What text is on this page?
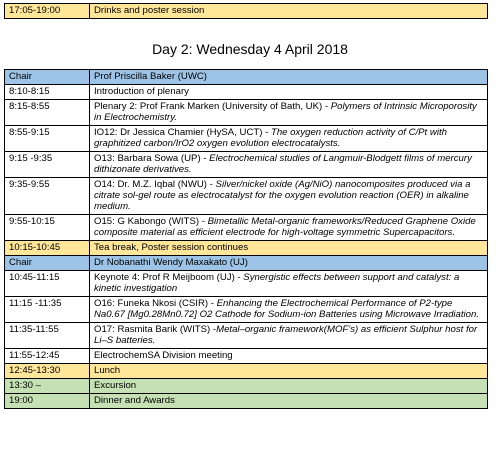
17:05-19:00	Drinks and poster session
Day 2: Wednesday 4 April 2018
Chair	Prof Priscilla Baker (UWC)
8:10-8:15	Introduction of plenary
8:15-8:55	Plenary 2: Prof Frank Marken (University of Bath, UK) - Polymers of Intrinsic Microporosity in Electrochemistry.
8:55-9:15	IO12: Dr Jessica Chamier (HySA, UCT) - The oxygen reduction activity of C/Pt with graphitized carbon/IrO2 oxygen evolution electrocatalysts.
9:15 -9:35	O13: Barbara Sowa (UP) - Electrochemical studies of Langmuir-Blodgett films of mercury dithizonate derivatives.
9:35-9:55	O14: Dr. M.Z. Iqbal (NWU) - Silver/nickel oxide (Ag/NiO) nanocomposites produced via a citrate sol-gel route as electrocatalyst for the oxygen evolution reaction (OER) in alkaline medium.
9:55-10:15	O15: G Kabongo (WITS) - Bimetallic Metal-organic frameworks/Reduced Graphene Oxide composite material as efficient electrode for high-voltage symmetric Supercapacitors.
10:15-10:45	Tea break, Poster session continues
Chair	Dr Nobanathi Wendy Maxakato (UJ)
10:45-11:15	Keynote 4: Prof R Meijboom (UJ) - Synergistic effects between support and catalyst: a kinetic investigation
11:15 -11:35	O16: Funeka Nkosi (CSIR) - Enhancing the Electrochemical Performance of P2-type Na0.67 [Mg0.28Mn0.72] O2 Cathode for Sodium-ion Batteries using Microwave Irradiation.
11:35-11:55	O17: Rasmita Barik (WITS) -Metal–organic framework(MOF’s) as efficient Sulphur host for Li–S batteries.
11:55-12:45	ElectrochemSA Division meeting
12:45-13:30	Lunch
13:30 –	Excursion
19:00	Dinner and Awards
